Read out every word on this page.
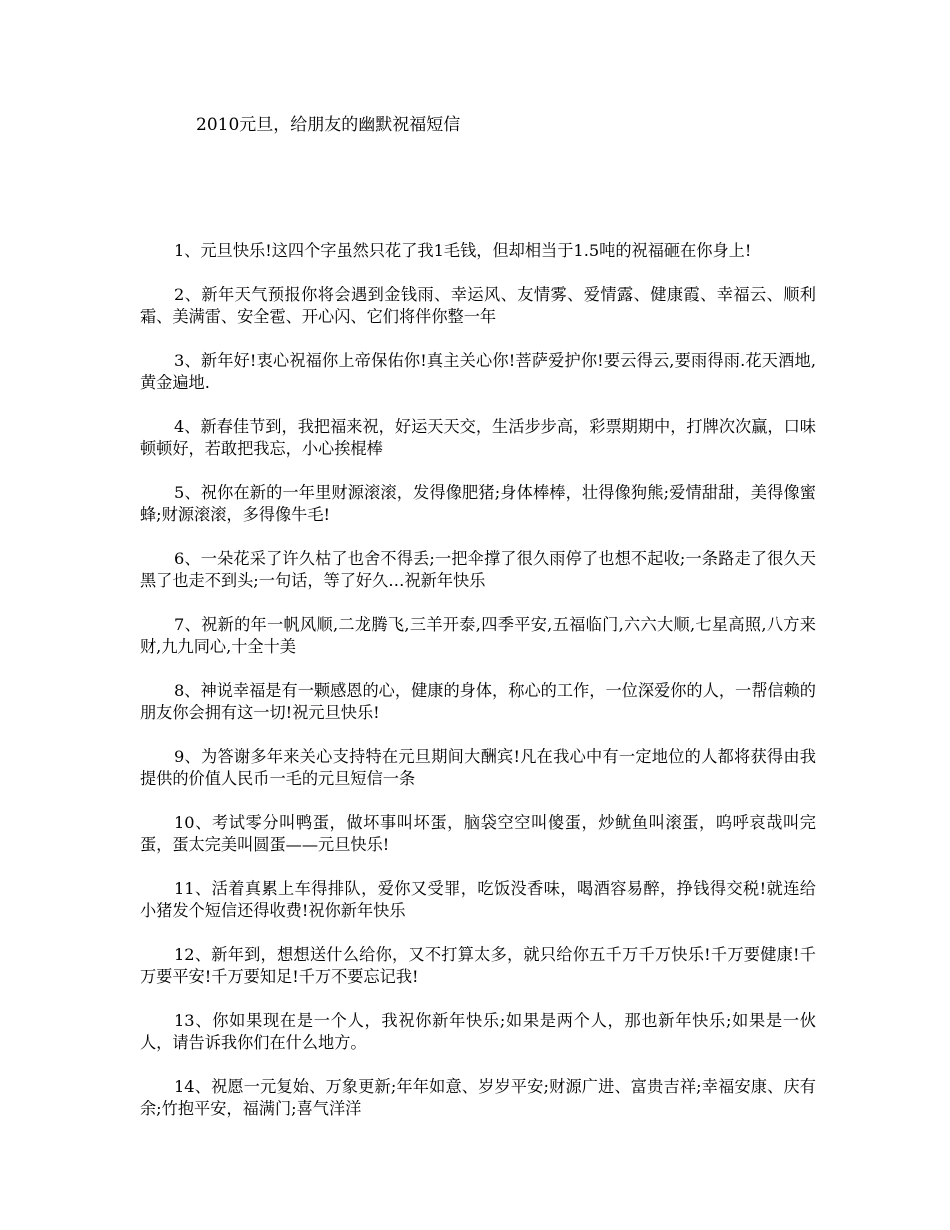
2010元旦，给朋友的幽默祝福短信
1、元旦快乐!这四个字虽然只花了我1毛钱，但却相当于1.5吨的祝福砸在你身上!
2、新年天气预报你将会遇到金钱雨、幸运风、友情雾、爱情露、健康霞、幸福云、顺利霜、美满雷、安全雹、开心闪、它们将伴你整一年
3、新年好!衷心祝福你上帝保佑你!真主关心你!菩萨爱护你!要云得云,要雨得雨.花天酒地,黄金遍地.
4、新春佳节到，我把福来祝，好运天天交，生活步步高，彩票期期中，打牌次次赢，口味顿顿好，若敢把我忘，小心挨棍棒
5、祝你在新的一年里财源滚滚，发得像肥猪;身体棒棒，壮得像狗熊;爱情甜甜，美得像蜜蜂;财源滚滚，多得像牛毛!
6、一朵花采了许久枯了也舍不得丢;一把伞撑了很久雨停了也想不起收;一条路走了很久天黑了也走不到头;一句话，等了好久…祝新年快乐
7、祝新的年一帆风顺,二龙腾飞,三羊开泰,四季平安,五福临门,六六大顺,七星高照,八方来财,九九同心,十全十美
8、神说幸福是有一颗感恩的心，健康的身体，称心的工作，一位深爱你的人，一帮信赖的朋友你会拥有这一切!祝元旦快乐!
9、为答谢多年来关心支持特在元旦期间大酬宾!凡在我心中有一定地位的人都将获得由我提供的价值人民币一毛的元旦短信一条
10、考试零分叫鸭蛋，做坏事叫坏蛋，脑袋空空叫傻蛋，炒鱿鱼叫滚蛋，呜呼哀哉叫完蛋，蛋太完美叫圆蛋——元旦快乐!
11、活着真累上车得排队，爱你又受罪，吃饭没香味，喝酒容易醉，挣钱得交税!就连给小猪发个短信还得收费!祝你新年快乐
12、新年到，想想送什么给你，又不打算太多，就只给你五千万千万快乐!千万要健康!千万要平安!千万要知足!千万不要忘记我!
13、你如果现在是一个人，我祝你新年快乐;如果是两个人，那也新年快乐;如果是一伙人，请告诉我你们在什么地方。
14、祝愿一元复始、万象更新;年年如意、岁岁平安;财源广进、富贵吉祥;幸福安康、庆有余;竹抱平安，福满门;喜气洋洋
